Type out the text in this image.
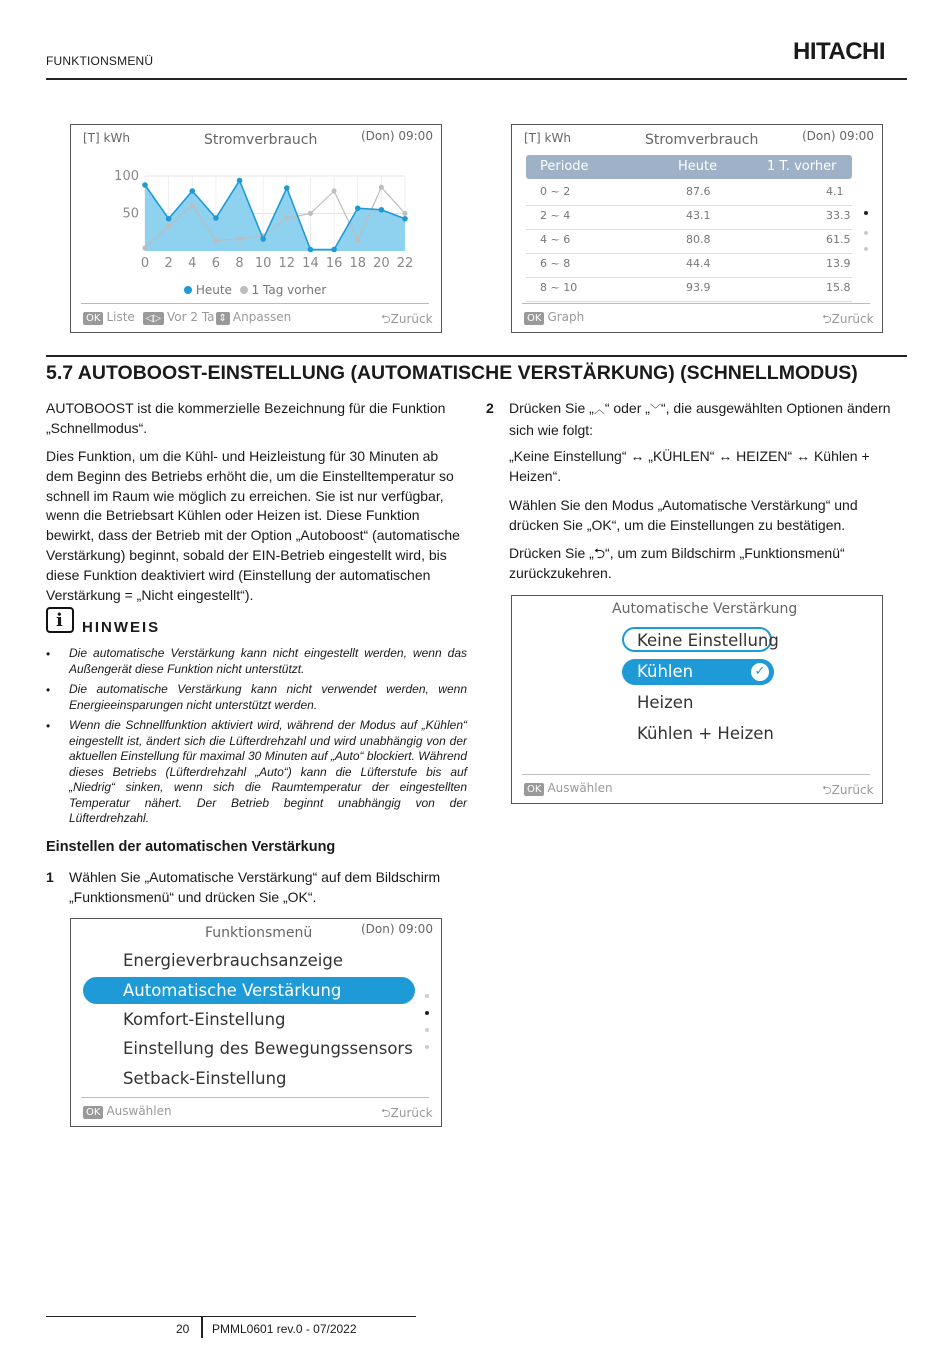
FUNKTIONSMENÜ	HITACHI
[T] kWh	Stromverbrauch	(Don) 09:00
50
100
0 2 4 6 8 10 12 14 16 18 20 22
Heute 1 Tag vorher
OK Liste ◁▷ Vor 2 Ta ⇕ Anpassen	⮌Zurück
[T] kWh	Stromverbrauch	(Don) 09:00
Periode	Heute	1 T. vorher
0 ~ 2	87.6	4.1
2 ~ 4	43.1	33.3
4 ~ 6	80.8	61.5
6 ~ 8	44.4	13.9
8 ~ 10	93.9	15.8
OK Graph	⮌Zurück
5.7 AUTOBOOST-EINSTELLUNG (AUTOMATISCHE VERSTÄRKUNG) (SCHNELLMODUS)
AUTOBOOST ist die kommerzielle Bezeichnung für die Funktion „Schnellmodus“.
Dies Funktion, um die Kühl- und Heizleistung für 30 Minuten ab dem Beginn des Betriebs erhöht die, um die Einstelltemperatur so schnell im Raum wie möglich zu erreichen. Sie ist nur verfügbar, wenn die Betriebsart Kühlen oder Heizen ist. Diese Funktion bewirkt, dass der Betrieb mit der Option „Autoboost“ (automatische Verstärkung) beginnt, sobald der EIN-Betrieb eingestellt wird, bis diese Funktion deaktiviert wird (Einstellung der automatischen Verstärkung = „Nicht eingestellt“).
i HINWEIS
• Die automatische Verstärkung kann nicht eingestellt werden, wenn das Außengerät diese Funktion nicht unterstützt.
• Die automatische Verstärkung kann nicht verwendet werden, wenn Energieeinsparungen nicht unterstützt werden.
• Wenn die Schnellfunktion aktiviert wird, während der Modus auf „Kühlen“ eingestellt ist, ändert sich die Lüfterdrehzahl und wird unabhängig von der aktuellen Einstellung für maximal 30 Minuten auf „Auto“ blockiert. Während dieses Betriebs (Lüfterdrehzahl „Auto“) kann die Lüfterstufe bis auf „Niedrig“ sinken, wenn sich die Raumtemperatur der eingestellten Temperatur nähert. Der Betrieb beginnt unabhängig von der Lüfterdrehzahl.
Einstellen der automatischen Verstärkung
1 Wählen Sie „Automatische Verstärkung“ auf dem Bildschirm „Funktionsmenü“ und drücken Sie „OK“.
Funktionsmenü	(Don) 09:00
Energieverbrauchsanzeige
Automatische Verstärkung
Komfort-Einstellung
Einstellung des Bewegungssensors
Setback-Einstellung
OK Auswählen	⮌Zurück
2 Drücken Sie „︿“ oder „﹀“, die ausgewählten Optionen ändern sich wie folgt:
„Keine Einstellung“ ↔ „KÜHLEN“ ↔ HEIZEN“ ↔ Kühlen + Heizen“.
Wählen Sie den Modus „Automatische Verstärkung“ und drücken Sie „OK“, um die Einstellungen zu bestätigen.
Drücken Sie „⮌“, um zum Bildschirm „Funktionsmenü“ zurückzukehren.
Automatische Verstärkung
Keine Einstellung
Kühlen	✓
Heizen
Kühlen + Heizen
OK Auswählen	⮌Zurück
20 PMML0601 rev.0 - 07/2022
